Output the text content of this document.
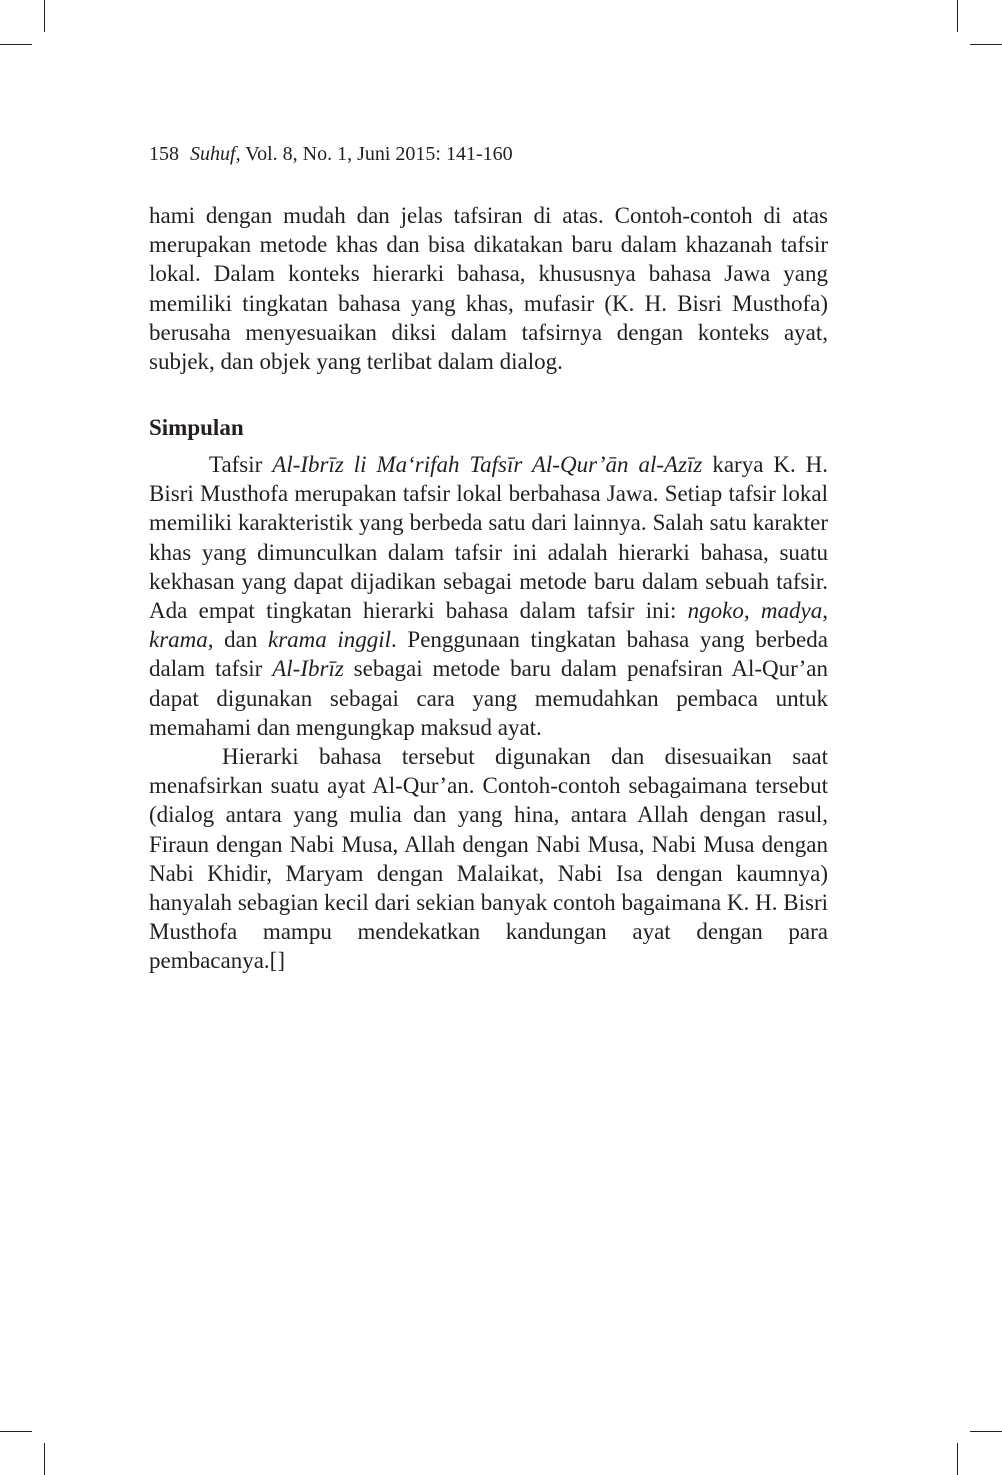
158 Suhuf, Vol. 8, No. 1, Juni 2015: 141-160

hami dengan mudah dan jelas tafsiran di atas. Contoh-contoh di atas merupakan metode khas dan bisa dikatakan baru dalam khazanah tafsir lokal. Dalam konteks hierarki bahasa, khususnya bahasa Jawa yang memiliki tingkatan bahasa yang khas, mufasir (K. H. Bisri Musthofa) berusaha menyesuaikan diksi dalam tafsirnya dengan konteks ayat, subjek, dan objek yang terlibat dalam dialog.

Simpulan

Tafsir Al-Ibrīz li Ma‘rifah Tafsīr Al-Qur’ān al-Azīz karya K. H. Bisri Musthofa merupakan tafsir lokal berbahasa Jawa. Setiap tafsir lokal memiliki karakteristik yang berbeda satu dari lainnya. Salah satu karakter khas yang dimunculkan dalam tafsir ini adalah hierarki bahasa, suatu kekhasan yang dapat dijadikan sebagai metode baru dalam sebuah tafsir. Ada empat tingkatan hierarki bahasa dalam tafsir ini: ngoko, madya, krama, dan krama inggil. Penggunaan tingkatan bahasa yang berbeda dalam tafsir Al-Ibrīz sebagai metode baru dalam penafsiran Al-Qur’an dapat digunakan sebagai cara yang memudahkan pembaca untuk memahami dan mengungkap maksud ayat.

Hierarki bahasa tersebut digunakan dan disesuaikan saat menafsirkan suatu ayat Al-Qur’an. Contoh-contoh sebagaimana tersebut (dialog antara yang mulia dan yang hina, antara Allah dengan rasul, Firaun dengan Nabi Musa, Allah dengan Nabi Musa, Nabi Musa dengan Nabi Khidir, Maryam dengan Malaikat, Nabi Isa dengan kaumnya) hanyalah sebagian kecil dari sekian banyak contoh bagaimana K. H. Bisri Musthofa mampu mendekatkan kandungan ayat dengan para pembacanya.[]
